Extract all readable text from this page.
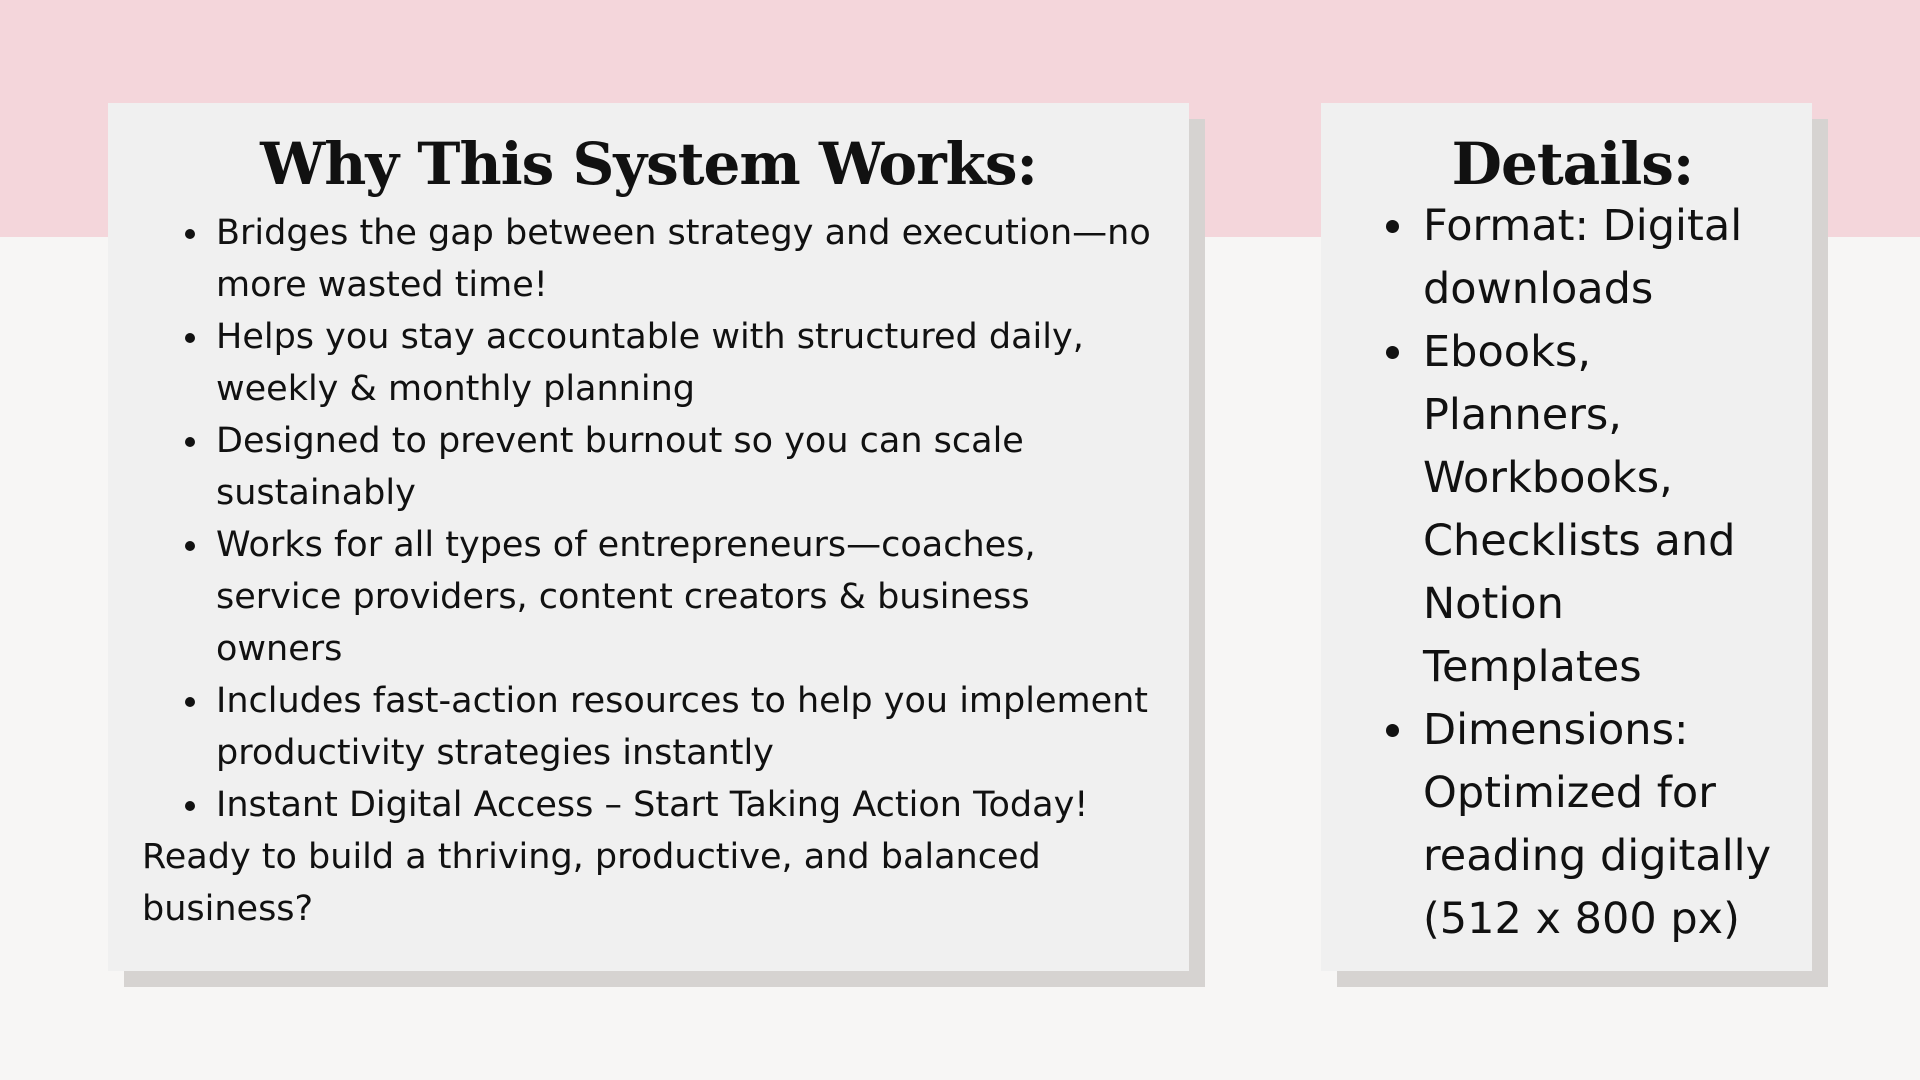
Why This System Works:
• Bridges the gap between strategy and execution—no more wasted time!
• Helps you stay accountable with structured daily, weekly & monthly planning
• Designed to prevent burnout so you can scale sustainably
• Works for all types of entrepreneurs—coaches, service providers, content creators & business owners
• Includes fast-action resources to help you implement productivity strategies instantly
• Instant Digital Access – Start Taking Action Today!

Ready to build a thriving, productive, and balanced business?

Details:
• Format: Digital downloads
• Ebooks, Planners, Workbooks, Checklists and Notion Templates
• Dimensions: Optimized for reading digitally (512 x 800 px)
